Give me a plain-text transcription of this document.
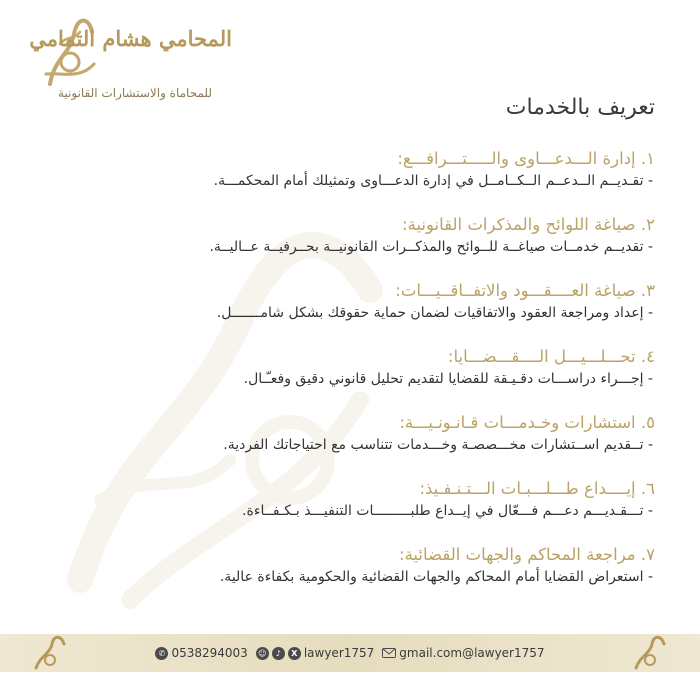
المحامي هشام التمامي
للمحاماة والاستشارات القانونية
تعريف بالخدمات
١. إدارة الـــدعـــاوى والـــــتـــرافـــع:
- تقـديــم الــدعــم الــكــامــل في إدارة الدعـــاوى وتمثيلك أمام المحكمـــة.
٢. صياغة اللوائح والمذكرات القانونية:
- تقديــم خدمــات صياغــة للــوائح والمذكــرات القانونيــة بحــرفيــة عــاليــة.
٣. صياغة العــــقـــود والاتفــاقــيـــات:
- إعداد ومراجعة العقود والاتفاقيات لضمان حماية حقوقك بشكل شامـــــــل.
٤. تحـــلـــيـــل الــــقـــضـــايا:
- إجـــراء دراســـات دقـيـقة للقضايا لتقديم تحليل قانوني دقيق وفعـّـال.
٥. استشارات وخـدمـــات قـانـونـيـــة:
- تــقديم اســتشارات مخـــصصـة وخـــدمات تتناسب مع احتياجاتك الفردية.
٦. إيــــداع طـــلـــبـات الـــتـنـفـيذ:
- تـــقـديـــم دعـــم فـــعّال في إيــداع طلبـــــــــات التنفيـــذ بـكـفــاءة.
٧. مراجعة المحاكم والجهات القضائية:
- استعراض القضايا أمام المحاكم والجهات القضائية والحكومية بكفاءة عالية.
✆ 0538294003 ☺	♪	X lawyer1757 gmail.com@lawyer1757
